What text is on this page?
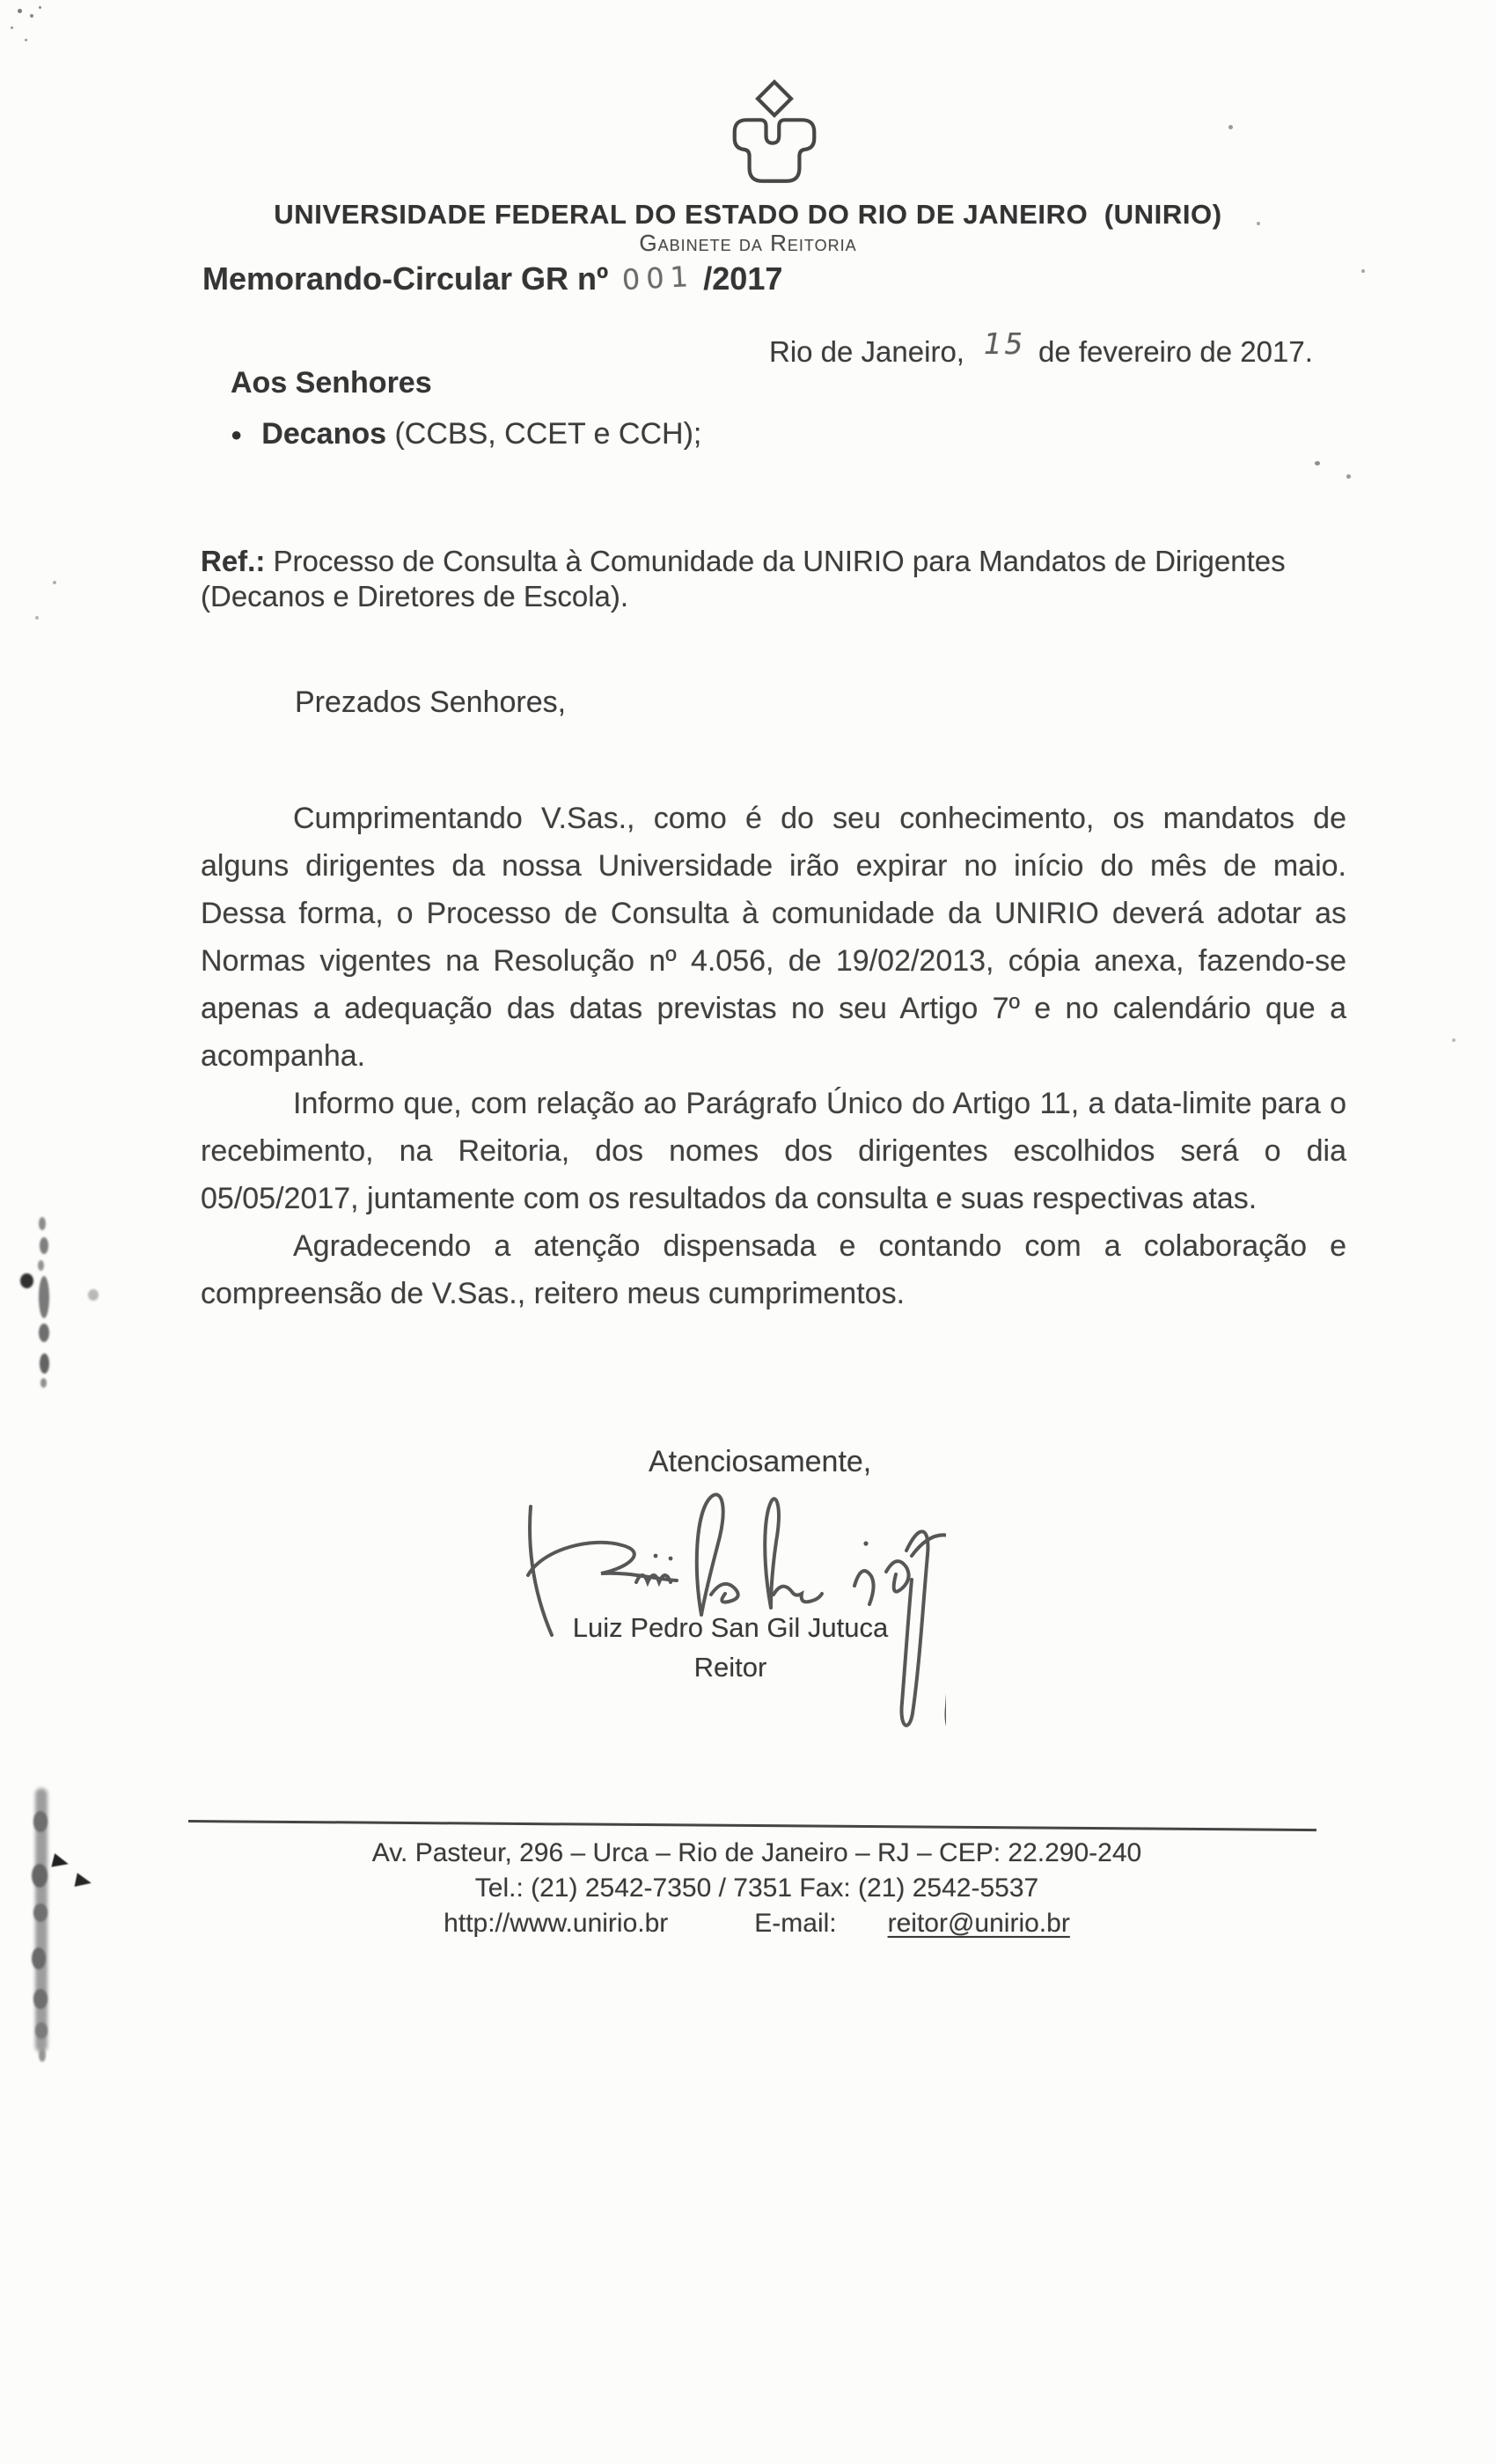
UNIVERSIDADE FEDERAL DO ESTADO DO RIO DE JANEIRO  (UNIRIO)
Gabinete da Reitoria
Memorando-Circular GR nº 001 /2017
Rio de Janeiro, 15 de fevereiro de 2017.
Aos Senhores
● Decanos (CCBS, CCET e CCH);
Ref.: Processo de Consulta à Comunidade da UNIRIO para Mandatos de Dirigentes
(Decanos e Diretores de Escola).
Prezados Senhores,
Cumprimentando V.Sas., como é do seu conhecimento, os mandatos de
alguns dirigentes da nossa Universidade irão expirar no início do mês de maio.
Dessa forma, o Processo de Consulta à comunidade da UNIRIO deverá adotar as
Normas vigentes na Resolução nº 4.056, de 19/02/2013, cópia anexa, fazendo-se
apenas a adequação das datas previstas no seu Artigo 7º e no calendário que a
acompanha.
Informo que, com relação ao Parágrafo Único do Artigo 11, a data-limite para o
recebimento, na Reitoria, dos nomes dos dirigentes escolhidos será o dia
05/05/2017, juntamente com os resultados da consulta e suas respectivas atas.
Agradecendo a atenção dispensada e contando com a colaboração e
compreensão de V.Sas., reitero meus cumprimentos.
Atenciosamente,
Luiz Pedro San Gil Jutuca
Reitor
Av. Pasteur, 296 – Urca – Rio de Janeiro – RJ – CEP: 22.290-240
Tel.: (21) 2542-7350 / 7351 Fax: (21) 2542-5537
http://www.unirio.br	E-mail: reitor@unirio.br
